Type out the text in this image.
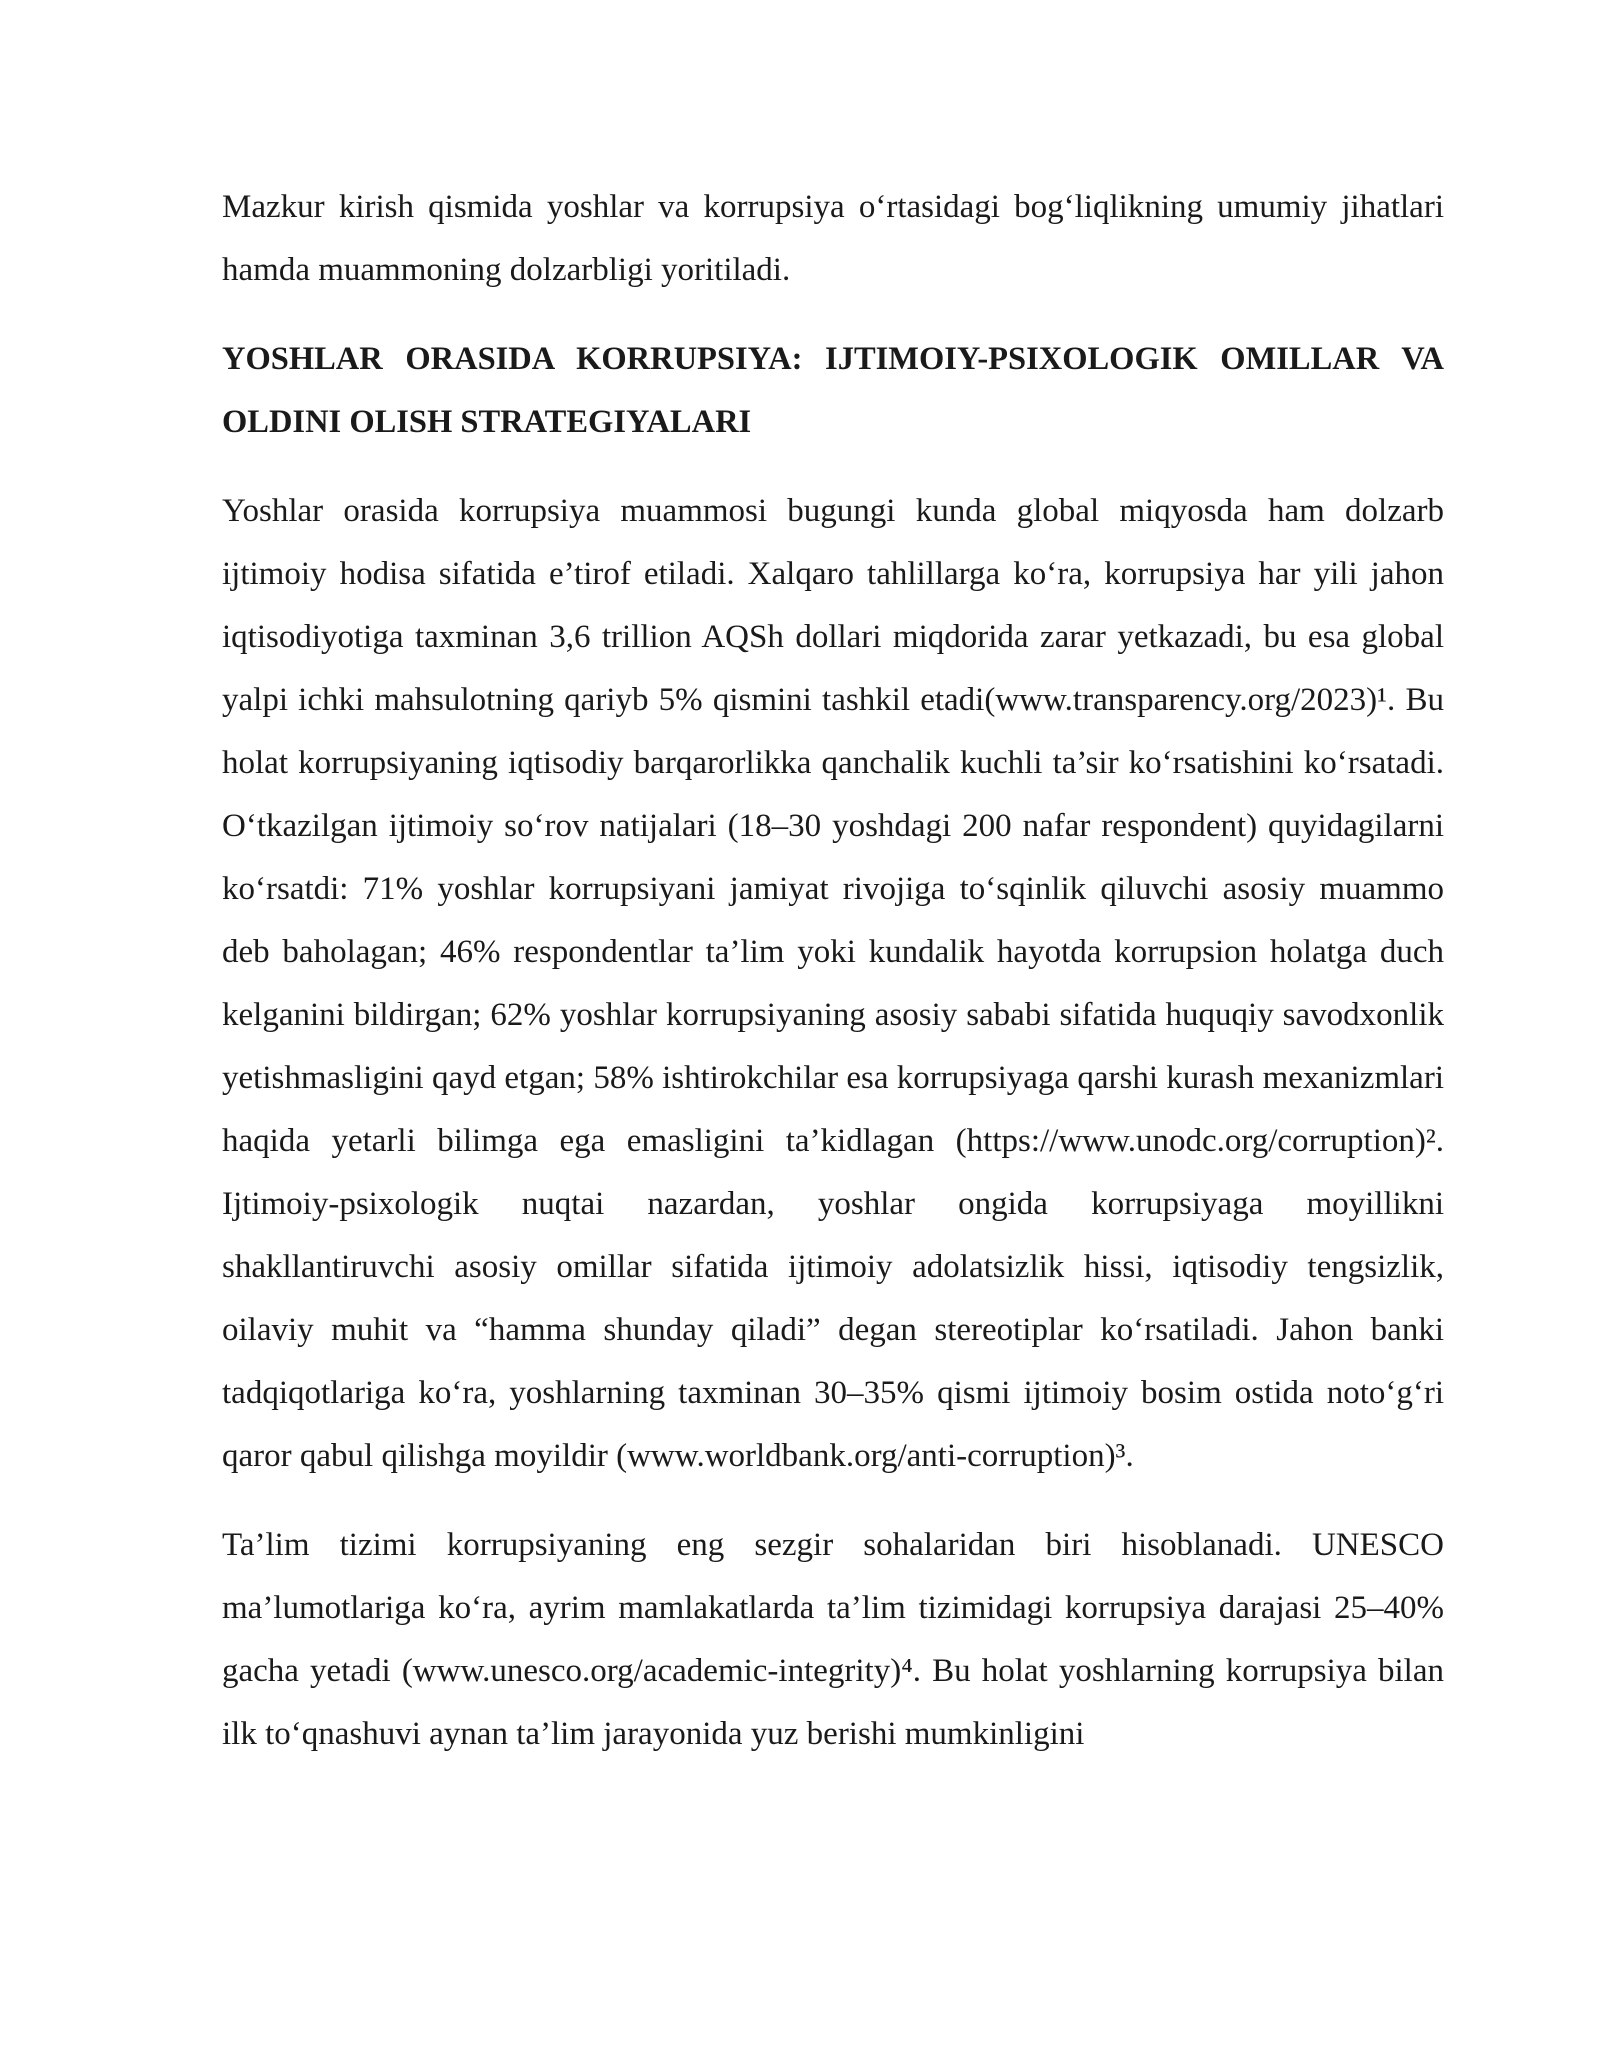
Mazkur kirish qismida yoshlar va korrupsiya oʻrtasidagi bogʻliqlikning umumiy jihatlari hamda muammoning dolzarbligi yoritiladi.

YOSHLAR ORASIDA KORRUPSIYA: IJTIMOIY-PSIXOLOGIK OMILLAR VA OLDINI OLISH STRATEGIYALARI

Yoshlar orasida korrupsiya muammosi bugungi kunda global miqyosda ham dolzarb ijtimoiy hodisa sifatida e’tirof etiladi. Xalqaro tahlillarga koʻra, korrupsiya har yili jahon iqtisodiyotiga taxminan 3,6 trillion AQSh dollari miqdorida zarar yetkazadi, bu esa global yalpi ichki mahsulotning qariyb 5% qismini tashkil etadi(www.transparency.org/2023)¹. Bu holat korrupsiyaning iqtisodiy barqarorlikka qanchalik kuchli ta’sir koʻrsatishini koʻrsatadi. Oʻtkazilgan ijtimoiy soʻrov natijalari (18–30 yoshdagi 200 nafar respondent) quyidagilarni koʻrsatdi: 71% yoshlar korrupsiyani jamiyat rivojiga toʻsqinlik qiluvchi asosiy muammo deb baholagan; 46% respondentlar ta’lim yoki kundalik hayotda korrupsion holatga duch kelganini bildirgan; 62% yoshlar korrupsiyaning asosiy sababi sifatida huquqiy savodxonlik yetishmasligini qayd etgan; 58% ishtirokchilar esa korrupsiyaga qarshi kurash mexanizmlari haqida yetarli bilimga ega emasligini ta’kidlagan (https://www.unodc.org/corruption)². Ijtimoiy-psixologik nuqtai nazardan, yoshlar ongida korrupsiyaga moyillikni shakllantiruvchi asosiy omillar sifatida ijtimoiy adolatsizlik hissi, iqtisodiy tengsizlik, oilaviy muhit va “hamma shunday qiladi” degan stereotiplar koʻrsatiladi. Jahon banki tadqiqotlariga koʻra, yoshlarning taxminan 30–35% qismi ijtimoiy bosim ostida notoʻgʻri qaror qabul qilishga moyildir (www.worldbank.org/anti-corruption)³.

Ta’lim tizimi korrupsiyaning eng sezgir sohalaridan biri hisoblanadi. UNESCO ma’lumotlariga koʻra, ayrim mamlakatlarda ta’lim tizimidagi korrupsiya darajasi 25–40% gacha yetadi (www.unesco.org/academic-integrity)⁴. Bu holat yoshlarning korrupsiya bilan ilk toʻqnashuvi aynan ta’lim jarayonida yuz berishi mumkinligini
